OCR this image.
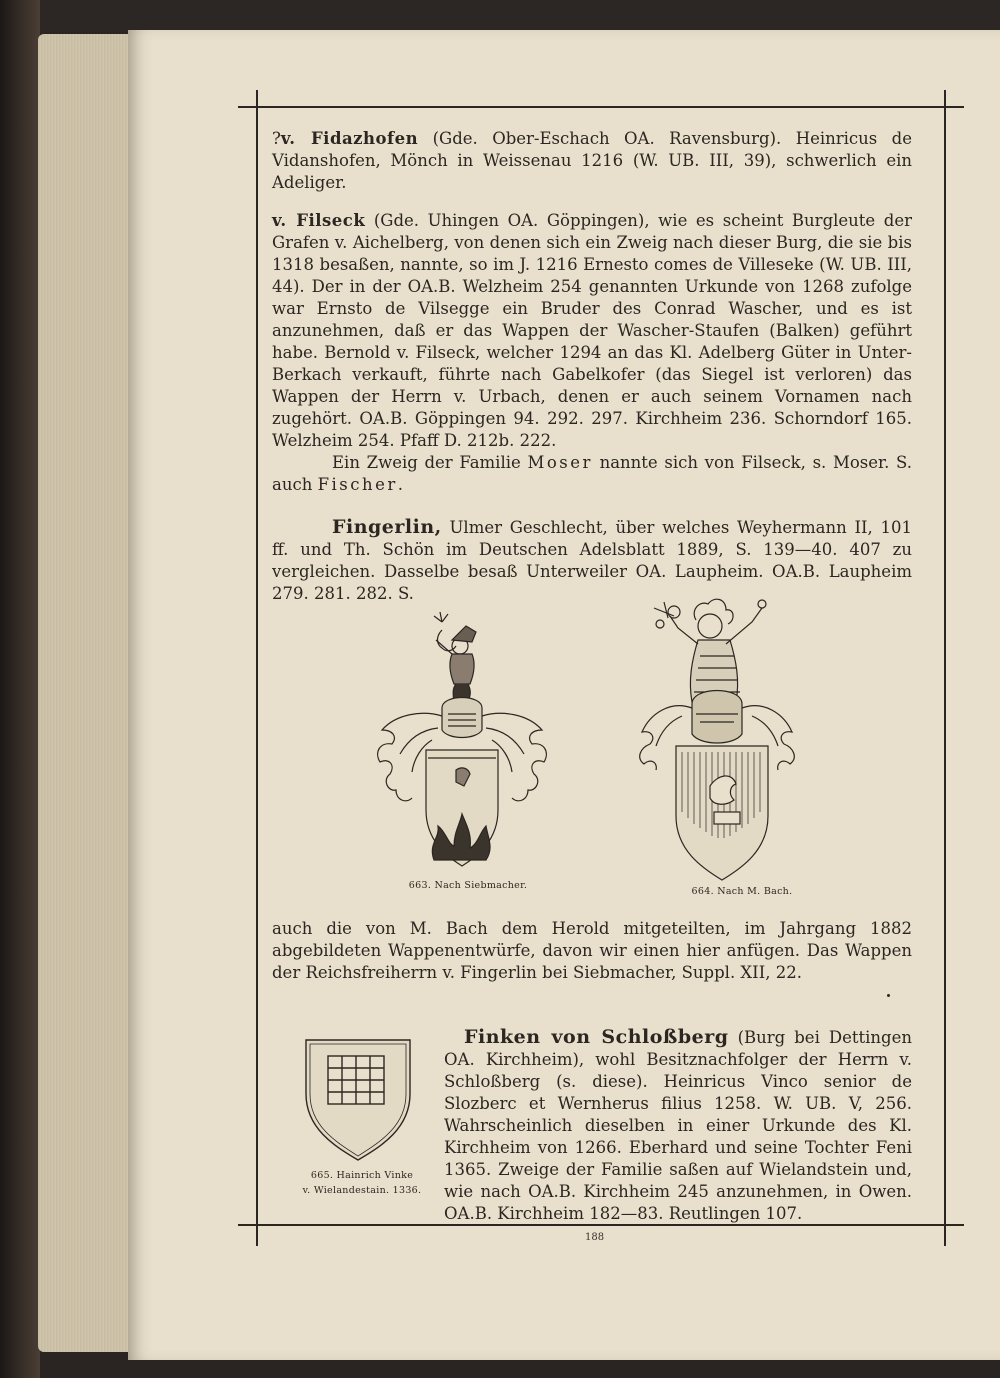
?v. Fidazhofen (Gde. Ober-Eschach OA. Ravensburg). Heinricus de Vidanshofen, Mönch in Weissenau 1216 (W. UB. III, 39), schwerlich ein Adeliger.

v. Filseck (Gde. Uhingen OA. Göppingen), wie es scheint Burgleute der Grafen v. Aichelberg, von denen sich ein Zweig nach dieser Burg, die sie bis 1318 besaßen, nannte, so im J. 1216 Ernesto comes de Villeseke (W. UB. III, 44). Der in der OA.B. Welzheim 254 genannten Urkunde von 1268 zufolge war Ernsto de Vilsegge ein Bruder des Conrad Wascher, und es ist anzunehmen, daß er das Wappen der Wascher-Staufen (Balken) geführt habe. Bernold v. Filseck, welcher 1294 an das Kl. Adelberg Güter in Unter-Berkach verkauft, führte nach Gabelkofer (das Siegel ist verloren) das Wappen der Herrn v. Urbach, denen er auch seinem Vornamen nach zugehört. OA.B. Göppingen 94. 292. 297. Kirchheim 236. Schorndorf 165. Welzheim 254. Pfaff D. 212b. 222.

Ein Zweig der Familie Moser nannte sich von Filseck, s. Moser. S. auch Fischer.

Fingerlin, Ulmer Geschlecht, über welches Weyhermann II, 101 ff. und Th. Schön im Deutschen Adelsblatt 1889, S. 139—40. 407 zu vergleichen. Dasselbe besaß Unterweiler OA. Laupheim. OA.B. Laupheim 279. 281. 282. S.

663. Nach Siebmacher.
664. Nach M. Bach.

auch die von M. Bach dem Herold mitgeteilten, im Jahrgang 1882 abgebildeten Wappenentwürfe, davon wir einen hier anfügen. Das Wappen der Reichsfreiherrn v. Fingerlin bei Siebmacher, Suppl. XII, 22.

665. Hainrich Vinke
v. Wielandestain. 1336.

Finken von Schloßberg (Burg bei Dettingen OA. Kirchheim), wohl Besitznachfolger der Herrn v. Schloßberg (s. diese). Heinricus Vinco senior de Slozberc et Wernherus filius 1258. W. UB. V, 256. Wahrscheinlich dieselben in einer Urkunde des Kl. Kirchheim von 1266. Eberhard und seine Tochter Feni 1365. Zweige der Familie saßen auf Wielandstein und, wie nach OA.B. Kirchheim 245 anzunehmen, in Owen. OA.B. Kirchheim 182—83. Reutlingen 107.

188
